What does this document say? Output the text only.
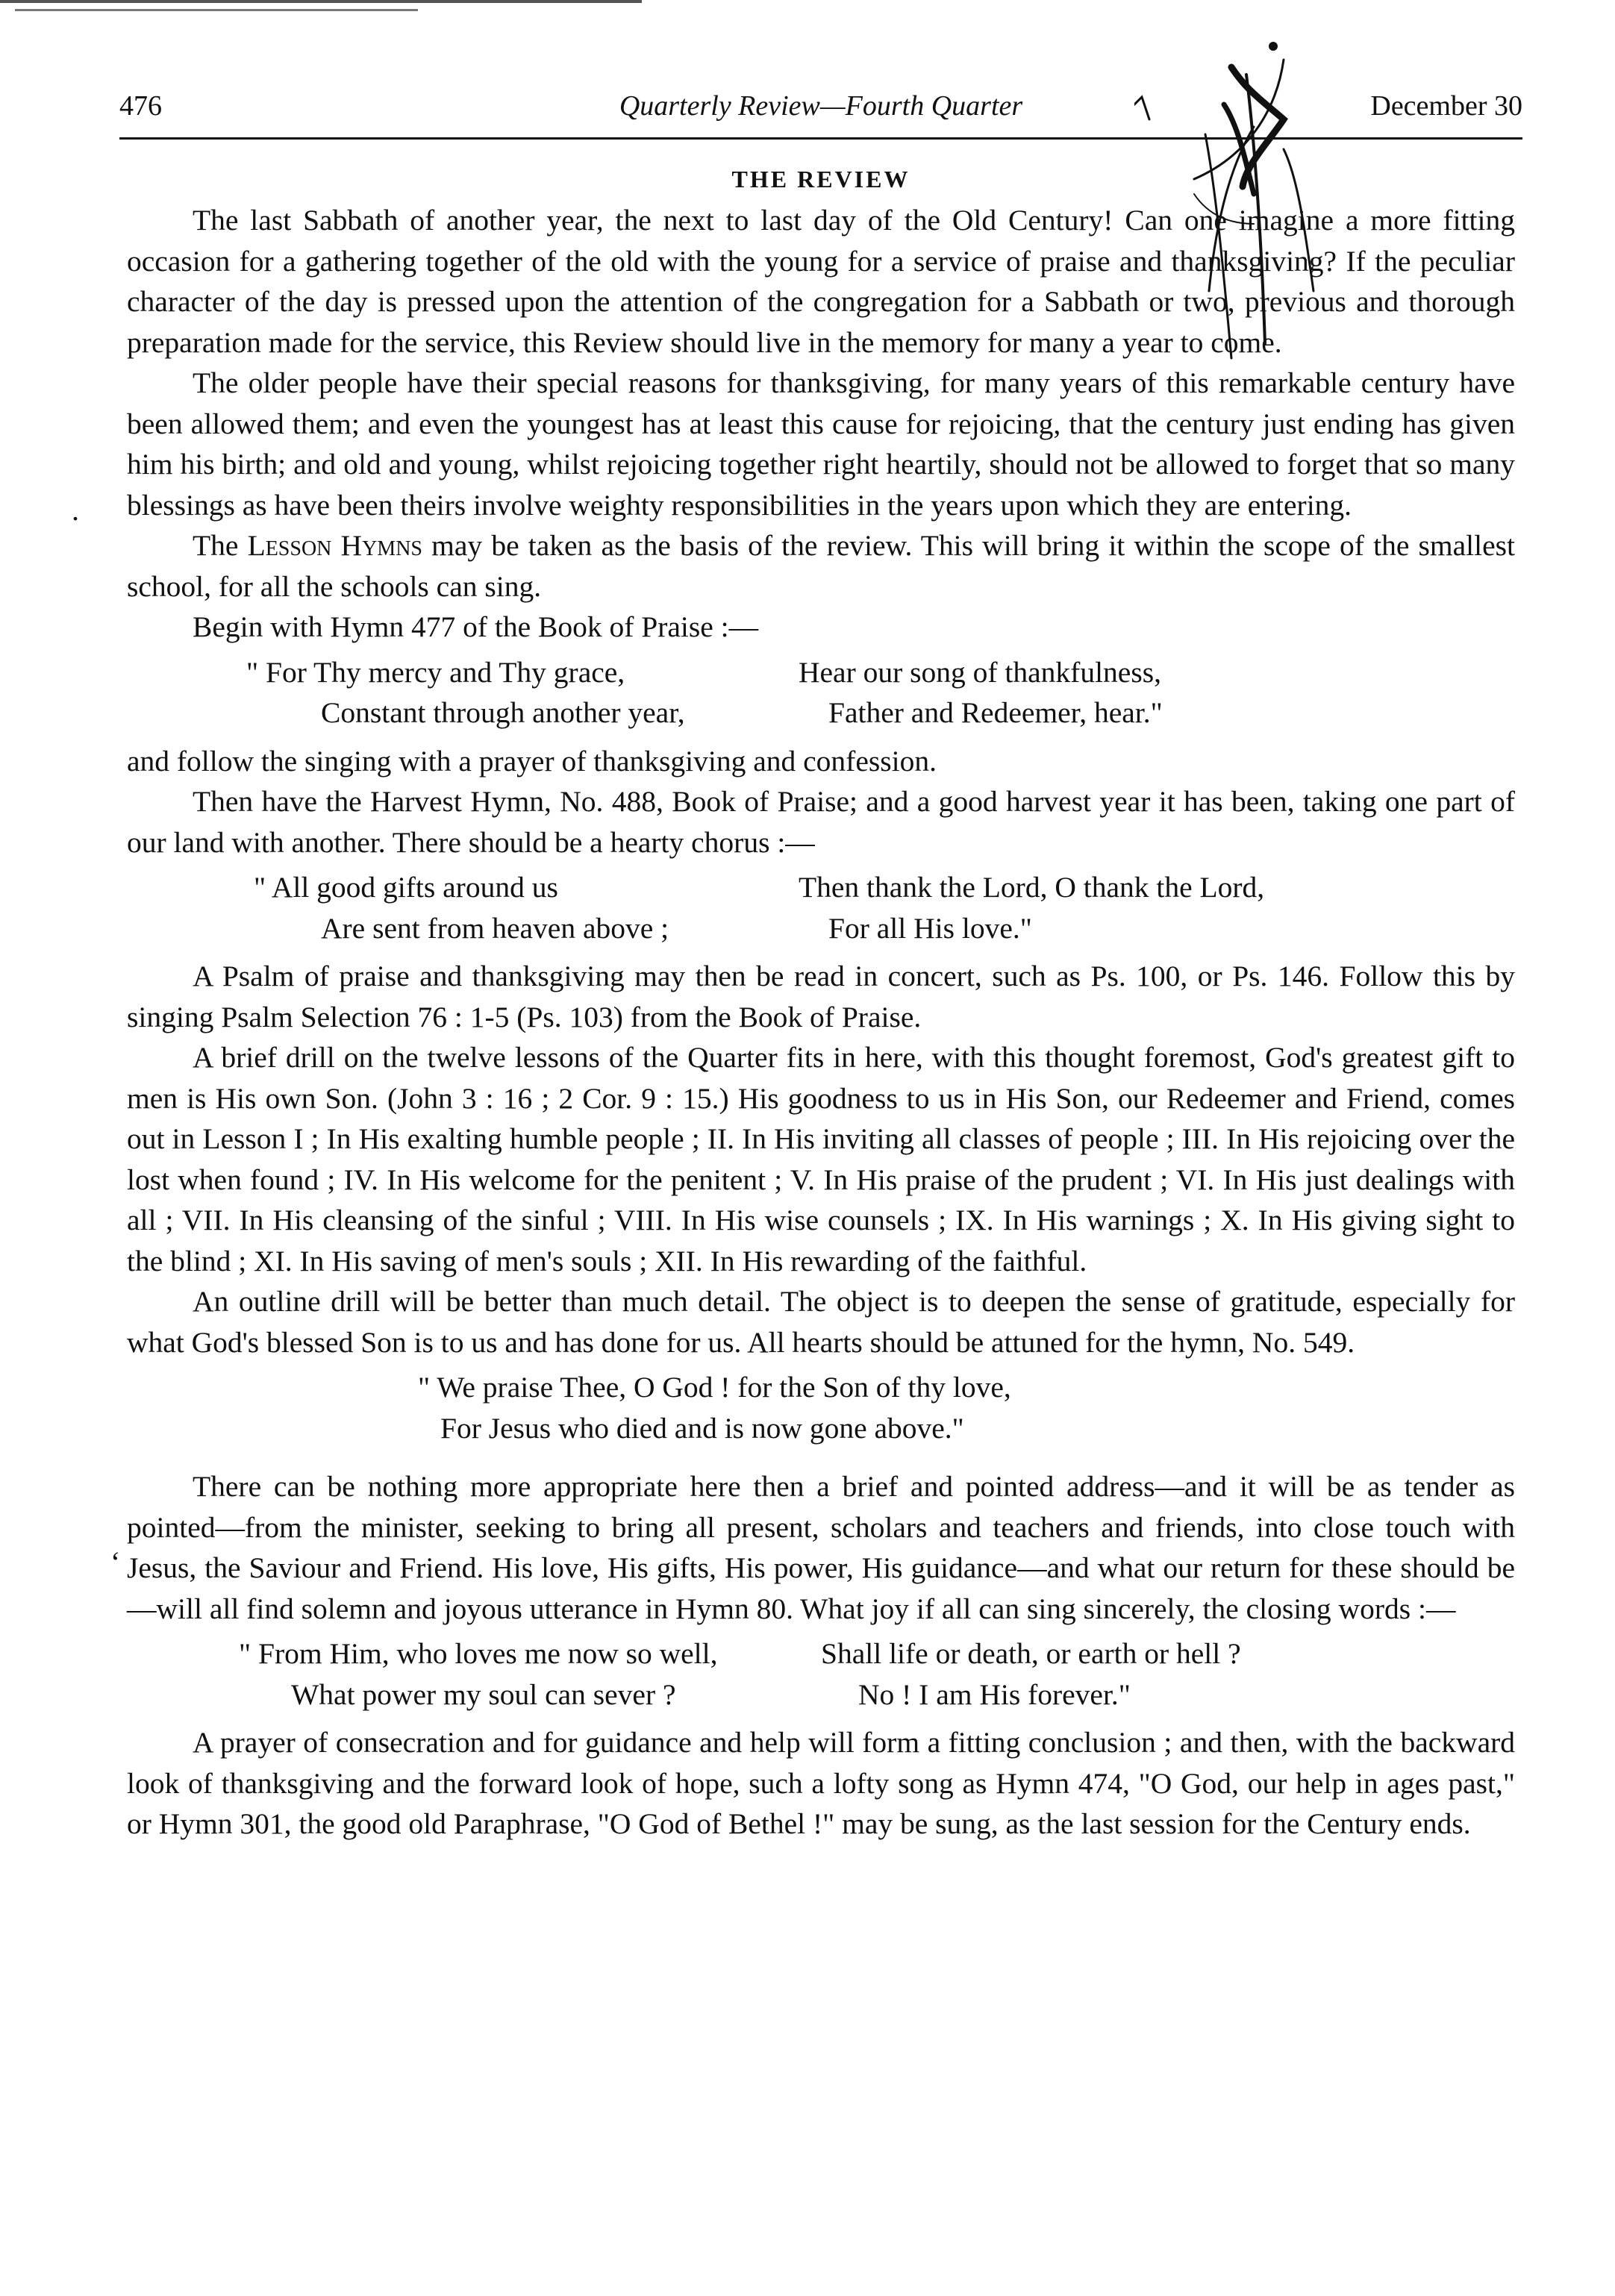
476	Quarterly Review—Fourth Quarter	December 30
.
ʻ
THE REVIEW

The last Sabbath of another year, the next to last day of the Old Century! Can one imagine a more fitting occasion for a gathering together of the old with the young for a service of praise and thanksgiving? If the peculiar character of the day is pressed upon the attention of the congregation for a Sabbath or two, previous and thorough preparation made for the service, this Review should live in the memory for many a year to come.

The older people have their special reasons for thanksgiving, for many years of this remarkable century have been allowed them; and even the youngest has at least this cause for rejoicing, that the century just ending has given him his birth; and old and young, whilst rejoicing together right heartily, should not be allowed to forget that so many blessings as have been theirs involve weighty responsibilities in the years upon which they are entering.

The Lesson Hymns may be taken as the basis of the review. This will bring it within the scope of the smallest school, for all the schools can sing.

Begin with Hymn 477 of the Book of Praise :—

" For Thy mercy and Thy grace,	Hear our song of thankfulness,
Constant through another year,	Father and Redeemer, hear."

and follow the singing with a prayer of thanksgiving and confession.

Then have the Harvest Hymn, No. 488, Book of Praise; and a good harvest year it has been, taking one part of our land with another. There should be a hearty chorus :—

" All good gifts around us	Then thank the Lord, O thank the Lord,
Are sent from heaven above ;	For all His love."

A Psalm of praise and thanksgiving may then be read in concert, such as Ps. 100, or Ps. 146. Follow this by singing Psalm Selection 76 : 1-5 (Ps. 103) from the Book of Praise.

A brief drill on the twelve lessons of the Quarter fits in here, with this thought foremost, God's greatest gift to men is His own Son. (John 3 : 16 ; 2 Cor. 9 : 15.) His goodness to us in His Son, our Redeemer and Friend, comes out in Lesson I ; In His exalting humble people ; II. In His inviting all classes of people ; III. In His rejoicing over the lost when found ; IV. In His welcome for the penitent ; V. In His praise of the prudent ; VI. In His just dealings with all ; VII. In His cleansing of the sinful ; VIII. In His wise counsels ; IX. In His warnings ; X. In His giving sight to the blind ; XI. In His saving of men's souls ; XII. In His rewarding of the faithful.

An outline drill will be better than much detail. The object is to deepen the sense of gratitude, especially for what God's blessed Son is to us and has done for us. All hearts should be attuned for the hymn, No. 549.

" We praise Thee, O God ! for the Son of thy love,
For Jesus who died and is now gone above."

There can be nothing more appropriate here then a brief and pointed address—and it will be as tender as pointed—from the minister, seeking to bring all present, scholars and teachers and friends, into close touch with Jesus, the Saviour and Friend. His love, His gifts, His power, His guidance—and what our return for these should be—will all find solemn and joyous utterance in Hymn 80. What joy if all can sing sincerely, the closing words :—

" From Him, who loves me now so well,	Shall life or death, or earth or hell ?
What power my soul can sever ?	No ! I am His forever."

A prayer of consecration and for guidance and help will form a fitting conclusion ; and then, with the backward look of thanksgiving and the forward look of hope, such a lofty song as Hymn 474, "O God, our help in ages past," or Hymn 301, the good old Paraphrase, "O God of Bethel !" may be sung, as the last session for the Century ends.
